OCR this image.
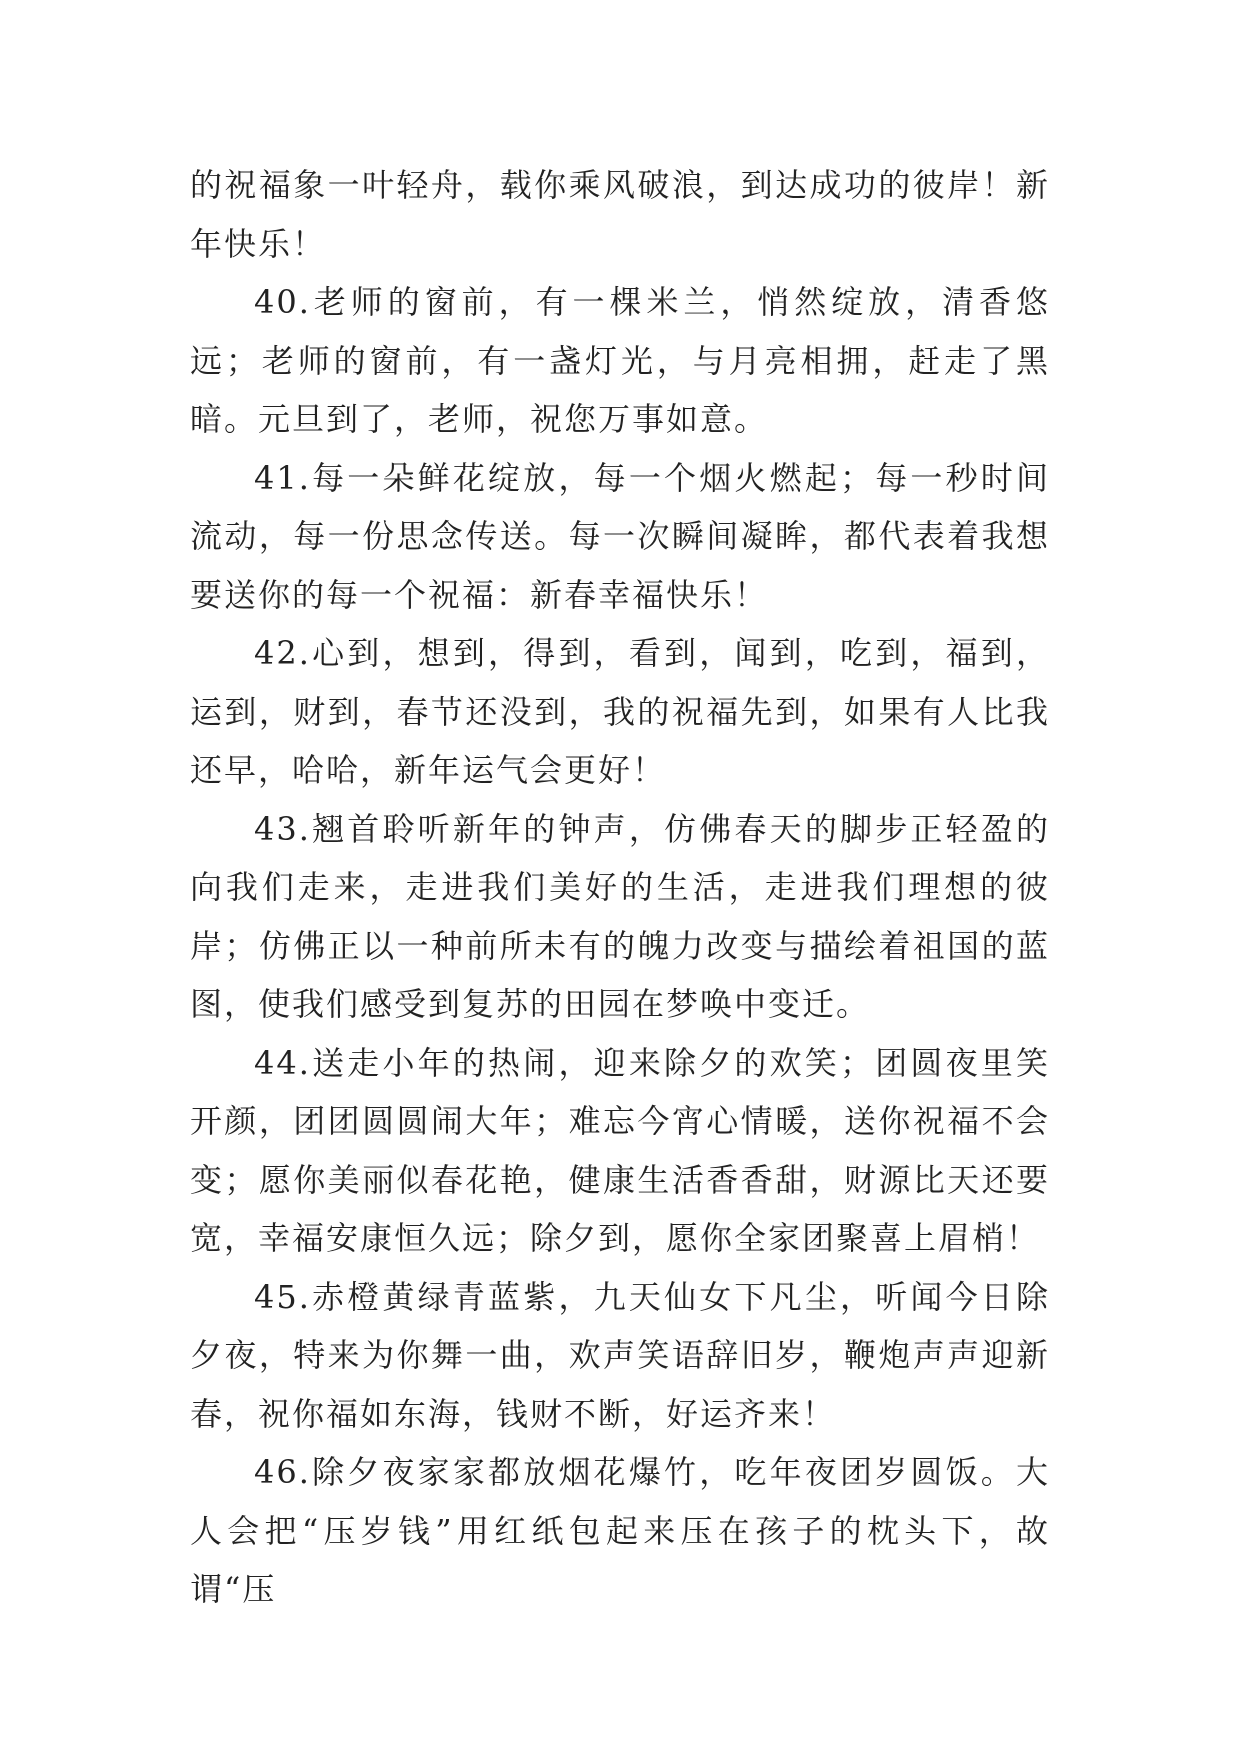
的祝福象一叶轻舟，载你乘风破浪，到达成功的彼岸！新年快乐！

40.老师的窗前，有一棵米兰，悄然绽放，清香悠远；老师的窗前，有一盏灯光，与月亮相拥，赶走了黑暗。元旦到了，老师，祝您万事如意。

41.每一朵鲜花绽放，每一个烟火燃起；每一秒时间流动，每一份思念传送。每一次瞬间凝眸，都代表着我想要送你的每一个祝福：新春幸福快乐！

42.心到，想到，得到，看到，闻到，吃到，福到，运到，财到，春节还没到，我的祝福先到，如果有人比我还早，哈哈，新年运气会更好！

43.翘首聆听新年的钟声，仿佛春天的脚步正轻盈的向我们走来，走进我们美好的生活，走进我们理想的彼岸；仿佛正以一种前所未有的魄力改变与描绘着祖国的蓝图，使我们感受到复苏的田园在梦唤中变迁。

44.送走小年的热闹，迎来除夕的欢笑；团圆夜里笑开颜，团团圆圆闹大年；难忘今宵心情暖，送你祝福不会变；愿你美丽似春花艳，健康生活香香甜，财源比天还要宽，幸福安康恒久远；除夕到，愿你全家团聚喜上眉梢！

45.赤橙黄绿青蓝紫，九天仙女下凡尘，听闻今日除夕夜，特来为你舞一曲，欢声笑语辞旧岁，鞭炮声声迎新春，祝你福如东海，钱财不断，好运齐来！

46.除夕夜家家都放烟花爆竹，吃年夜团岁圆饭。大人会把“压岁钱”用红纸包起来压在孩子的枕头下，故谓“压
